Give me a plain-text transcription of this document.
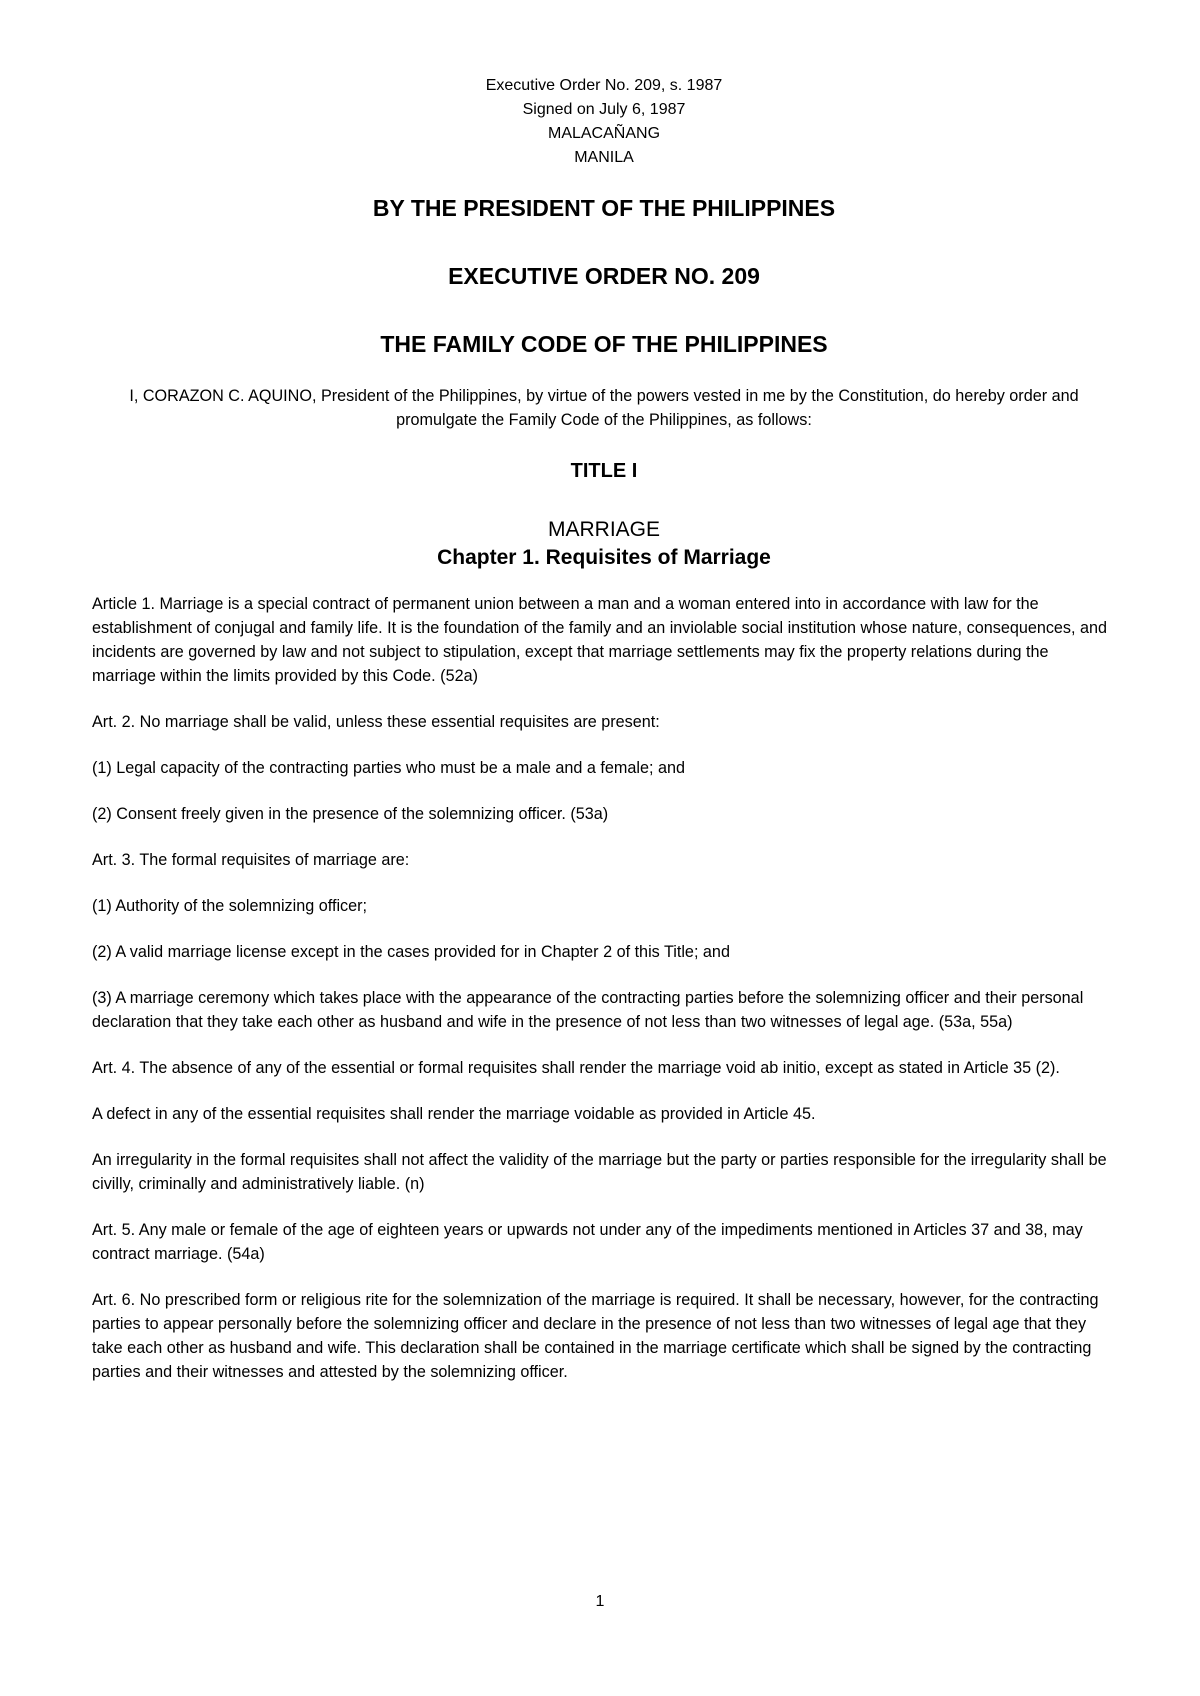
Executive Order No. 209, s. 1987

Signed on July 6, 1987

MALACAÑANG

MANILA

BY THE PRESIDENT OF THE PHILIPPINES

EXECUTIVE ORDER NO. 209

THE FAMILY CODE OF THE PHILIPPINES

I, CORAZON C. AQUINO, President of the Philippines, by virtue of the powers vested in me by the Constitution, do hereby order and promulgate the Family Code of the Philippines, as follows:

TITLE I

MARRIAGE

Chapter 1. Requisites of Marriage

Article 1. Marriage is a special contract of permanent union between a man and a woman entered into in accordance with law for the establishment of conjugal and family life. It is the foundation of the family and an inviolable social institution whose nature, consequences, and incidents are governed by law and not subject to stipulation, except that marriage settlements may fix the property relations during the marriage within the limits provided by this Code. (52a)

Art. 2. No marriage shall be valid, unless these essential requisites are present:

(1) Legal capacity of the contracting parties who must be a male and a female; and

(2) Consent freely given in the presence of the solemnizing officer. (53a)

Art. 3. The formal requisites of marriage are:

(1) Authority of the solemnizing officer;

(2) A valid marriage license except in the cases provided for in Chapter 2 of this Title; and

(3) A marriage ceremony which takes place with the appearance of the contracting parties before the solemnizing officer and their personal declaration that they take each other as husband and wife in the presence of not less than two witnesses of legal age. (53a, 55a)

Art. 4. The absence of any of the essential or formal requisites shall render the marriage void ab initio, except as stated in Article 35 (2).

A defect in any of the essential requisites shall render the marriage voidable as provided in Article 45.

An irregularity in the formal requisites shall not affect the validity of the marriage but the party or parties responsible for the irregularity shall be civilly, criminally and administratively liable. (n)

Art. 5. Any male or female of the age of eighteen years or upwards not under any of the impediments mentioned in Articles 37 and 38, may contract marriage. (54a)

Art. 6. No prescribed form or religious rite for the solemnization of the marriage is required. It shall be necessary, however, for the contracting parties to appear personally before the solemnizing officer and declare in the presence of not less than two witnesses of legal age that they take each other as husband and wife. This declaration shall be contained in the marriage certificate which shall be signed by the contracting parties and their witnesses and attested by the solemnizing officer.

1
